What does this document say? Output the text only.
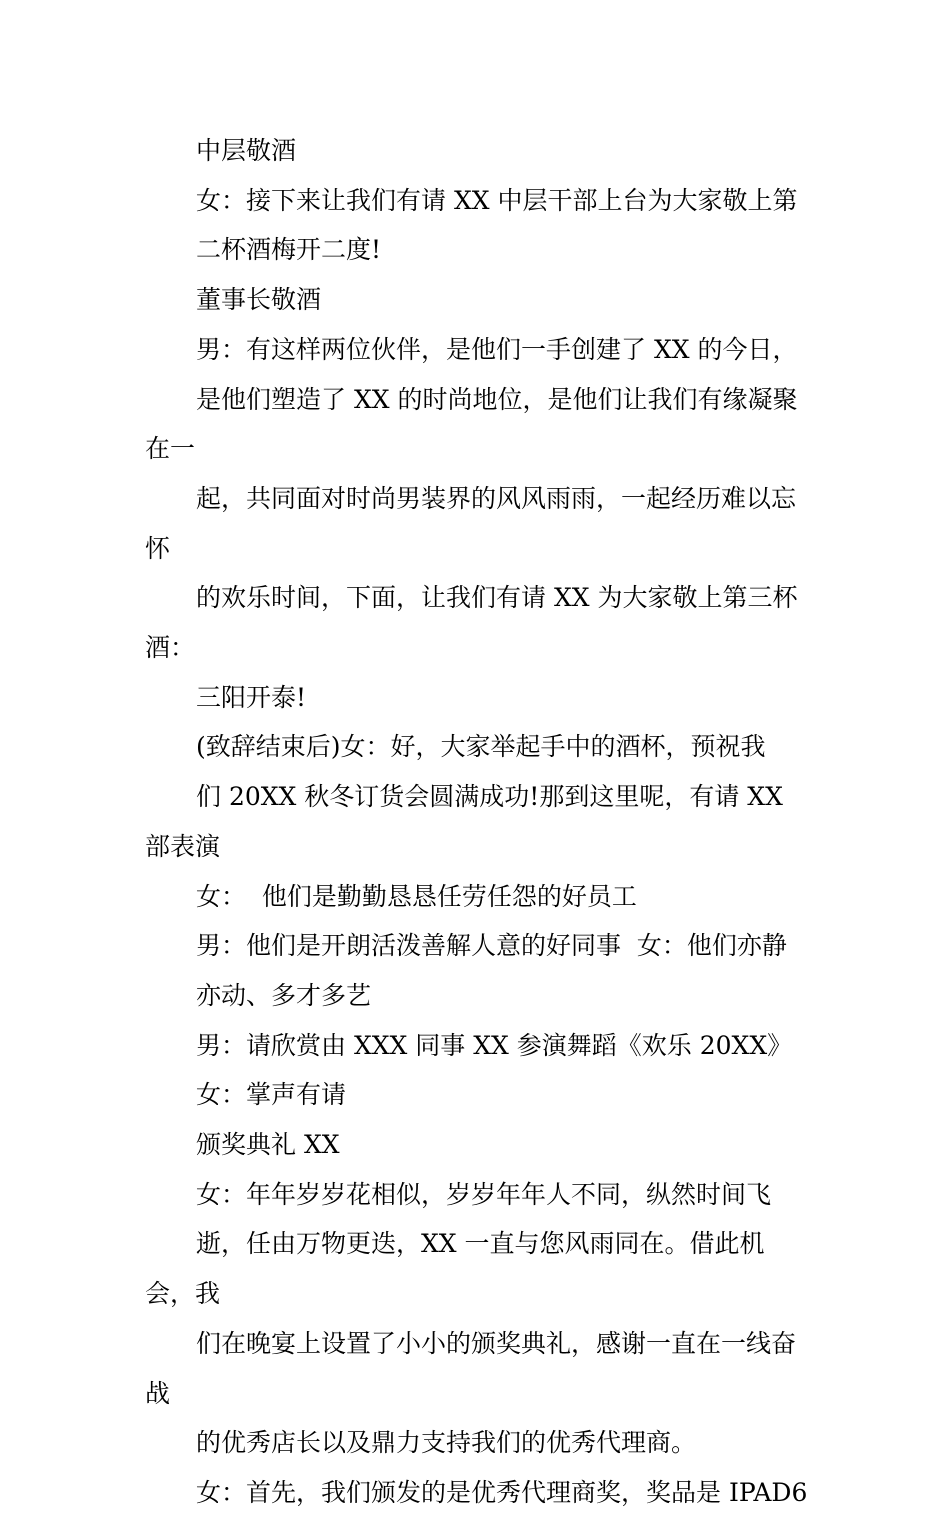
中层敬酒

女：接下来让我们有请 XX 中层干部上台为大家敬上第
二杯酒梅开二度!

董事长敬酒

男：有这样两位伙伴，是他们一手创建了 XX 的今日，
是他们塑造了 XX 的时尚地位，是他们让我们有缘凝聚在一
起，共同面对时尚男装界的风风雨雨，一起经历难以忘怀
的欢乐时间，下面，让我们有请 XX 为大家敬上第三杯酒：
三阳开泰!

(致辞结束后)女：好，大家举起手中的酒杯，预祝我
们 20XX 秋冬订货会圆满成功!那到这里呢，有请 XX 部表演

女：  他们是勤勤恳恳任劳任怨的好员工

男：他们是开朗活泼善解人意的好同事  女：他们亦静
亦动、多才多艺

男：请欣赏由 XXX 同事 XX 参演舞蹈《欢乐 20XX》

女：掌声有请

颁奖典礼 XX

女：年年岁岁花相似，岁岁年年人不同，纵然时间飞
逝，任由万物更迭，XX 一直与您风雨同在。借此机会，我
们在晚宴上设置了小小的颁奖典礼，感谢一直在一线奋战
的优秀店长以及鼎力支持我们的优秀代理商。

女：首先，我们颁发的是优秀代理商奖，奖品是 IPAD6
